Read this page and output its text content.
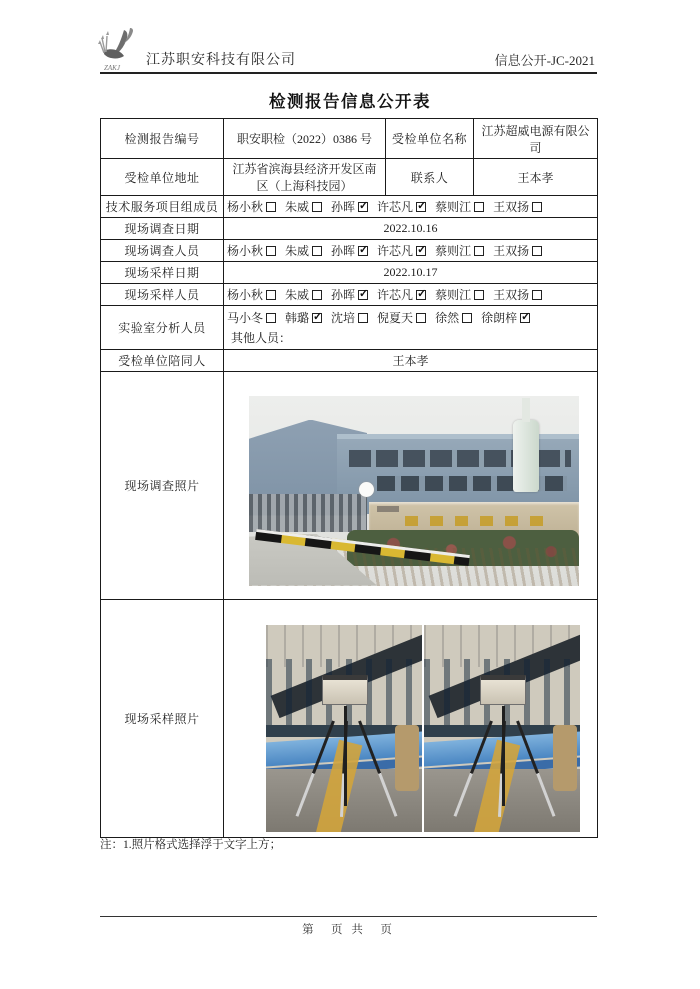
ZAKJ 江苏职安科技有限公司	信息公开-JC-2021
检测报告信息公开表
检测报告编号	职安职检（2022）0386 号	受检单位名称	江苏超威电源有限公司
受检单位地址	江苏省滨海县经济开发区南区（上海科技园）	联系人	王本孝
技术服务项目组成员	杨小秋 朱威 孙晖 ✓ 许芯凡 ✓ 蔡则江 王双扬
现场调查日期	2022.10.16		
现场调查人员	杨小秋 朱威 孙晖 ✓ 许芯凡 ✓ 蔡则江 王双扬
现场采样日期	2022.10.17		
现场采样人员	杨小秋 朱威 孙晖 ✓ 许芯凡 ✓ 蔡则江 王双扬
实验室分析人员	马小冬 韩璐 ✓ 沈培 倪夏天 徐然 徐朗梓✓
其他人员：

受检单位陪同人	王本孝		
现场调查照片			

现场采样照片			
注：1.照片格式选择浮于文字上方；
第　页 共　页
